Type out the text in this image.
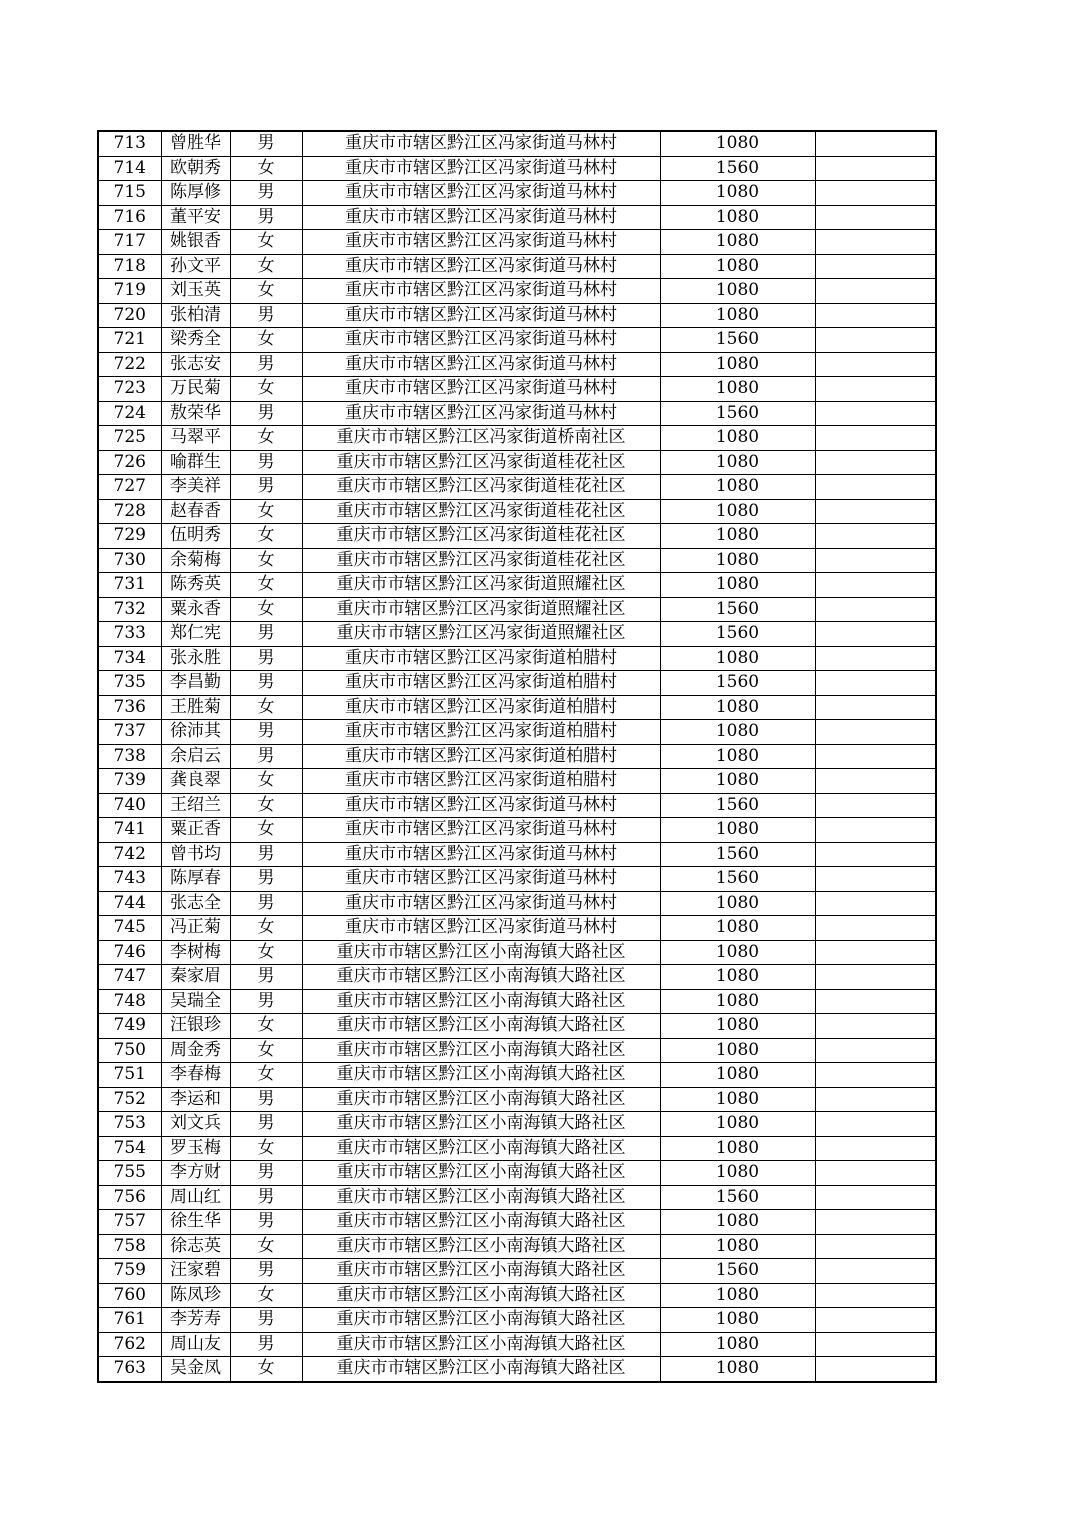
713	曾胜华	男	重庆市市辖区黔江区冯家街道马林村	1080	
714	欧朝秀	女	重庆市市辖区黔江区冯家街道马林村	1560	
715	陈厚修	男	重庆市市辖区黔江区冯家街道马林村	1080	
716	董平安	男	重庆市市辖区黔江区冯家街道马林村	1080	
717	姚银香	女	重庆市市辖区黔江区冯家街道马林村	1080	
718	孙文平	女	重庆市市辖区黔江区冯家街道马林村	1080	
719	刘玉英	女	重庆市市辖区黔江区冯家街道马林村	1080	
720	张柏清	男	重庆市市辖区黔江区冯家街道马林村	1080	
721	梁秀全	女	重庆市市辖区黔江区冯家街道马林村	1560	
722	张志安	男	重庆市市辖区黔江区冯家街道马林村	1080	
723	万民菊	女	重庆市市辖区黔江区冯家街道马林村	1080	
724	敖荣华	男	重庆市市辖区黔江区冯家街道马林村	1560	
725	马翠平	女	重庆市市辖区黔江区冯家街道桥南社区	1080	
726	喻群生	男	重庆市市辖区黔江区冯家街道桂花社区	1080	
727	李美祥	男	重庆市市辖区黔江区冯家街道桂花社区	1080	
728	赵春香	女	重庆市市辖区黔江区冯家街道桂花社区	1080	
729	伍明秀	女	重庆市市辖区黔江区冯家街道桂花社区	1080	
730	余菊梅	女	重庆市市辖区黔江区冯家街道桂花社区	1080	
731	陈秀英	女	重庆市市辖区黔江区冯家街道照耀社区	1080	
732	粟永香	女	重庆市市辖区黔江区冯家街道照耀社区	1560	
733	郑仁宪	男	重庆市市辖区黔江区冯家街道照耀社区	1560	
734	张永胜	男	重庆市市辖区黔江区冯家街道柏腊村	1080	
735	李昌勤	男	重庆市市辖区黔江区冯家街道柏腊村	1560	
736	王胜菊	女	重庆市市辖区黔江区冯家街道柏腊村	1080	
737	徐沛其	男	重庆市市辖区黔江区冯家街道柏腊村	1080	
738	余启云	男	重庆市市辖区黔江区冯家街道柏腊村	1080	
739	龚良翠	女	重庆市市辖区黔江区冯家街道柏腊村	1080	
740	王绍兰	女	重庆市市辖区黔江区冯家街道马林村	1560	
741	粟正香	女	重庆市市辖区黔江区冯家街道马林村	1080	
742	曾书均	男	重庆市市辖区黔江区冯家街道马林村	1560	
743	陈厚春	男	重庆市市辖区黔江区冯家街道马林村	1560	
744	张志全	男	重庆市市辖区黔江区冯家街道马林村	1080	
745	冯正菊	女	重庆市市辖区黔江区冯家街道马林村	1080	
746	李树梅	女	重庆市市辖区黔江区小南海镇大路社区	1080	
747	秦家眉	男	重庆市市辖区黔江区小南海镇大路社区	1080	
748	吴瑞全	男	重庆市市辖区黔江区小南海镇大路社区	1080	
749	汪银珍	女	重庆市市辖区黔江区小南海镇大路社区	1080	
750	周金秀	女	重庆市市辖区黔江区小南海镇大路社区	1080	
751	李春梅	女	重庆市市辖区黔江区小南海镇大路社区	1080	
752	李运和	男	重庆市市辖区黔江区小南海镇大路社区	1080	
753	刘文兵	男	重庆市市辖区黔江区小南海镇大路社区	1080	
754	罗玉梅	女	重庆市市辖区黔江区小南海镇大路社区	1080	
755	李方财	男	重庆市市辖区黔江区小南海镇大路社区	1080	
756	周山红	男	重庆市市辖区黔江区小南海镇大路社区	1560	
757	徐生华	男	重庆市市辖区黔江区小南海镇大路社区	1080	
758	徐志英	女	重庆市市辖区黔江区小南海镇大路社区	1080	
759	汪家碧	男	重庆市市辖区黔江区小南海镇大路社区	1560	
760	陈凤珍	女	重庆市市辖区黔江区小南海镇大路社区	1080	
761	李芳寿	男	重庆市市辖区黔江区小南海镇大路社区	1080	
762	周山友	男	重庆市市辖区黔江区小南海镇大路社区	1080	
763	吴金凤	女	重庆市市辖区黔江区小南海镇大路社区	1080	
